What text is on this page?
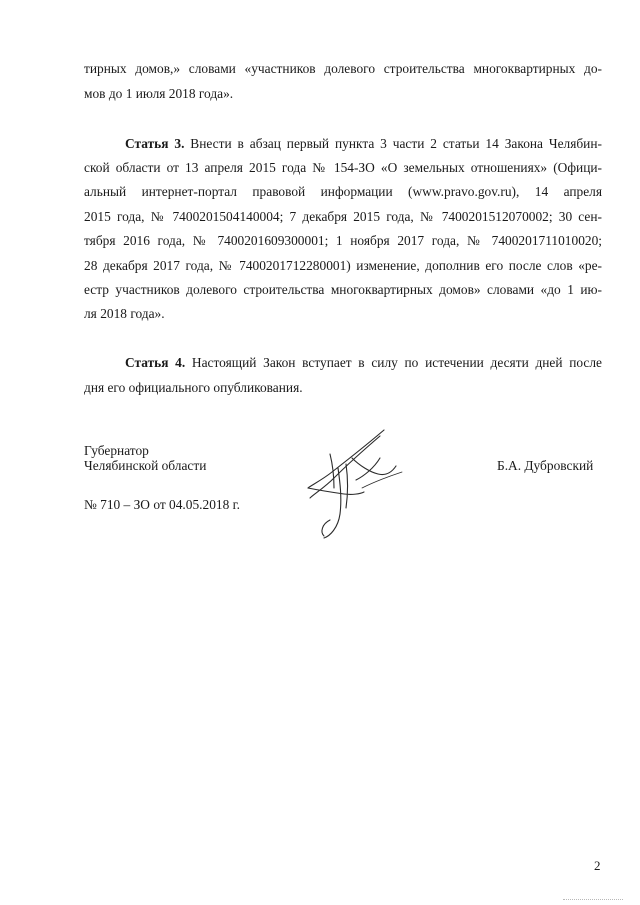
тирных домов,» словами «участников долевого строительства многоквартирных до-
мов до 1 июля 2018 года».
Статья 3. Внести в абзац первый пункта 3 части 2 статьи 14 Закона Челябин-
ской области от 13 апреля 2015 года № 154-ЗО «О земельных отношениях» (Офици-
альный интернет-портал правовой информации (www.pravo.gov.ru), 14 апреля
2015 года, № 7400201504140004; 7 декабря 2015 года, № 7400201512070002; 30 сен-
тября 2016 года, № 7400201609300001; 1 ноября 2017 года, № 7400201711010020;
28 декабря 2017 года, № 7400201712280001) изменение, дополнив его после слов «ре-
естр участников долевого строительства многоквартирных домов» словами «до 1 ию-
ля 2018 года».
Статья 4. Настоящий Закон вступает в силу по истечении десяти дней после
дня его официального опубликования.
Губернатор
Челябинской области	Б.А. Дубровский
№ 710 – ЗО от 04.05.2018 г.
2
